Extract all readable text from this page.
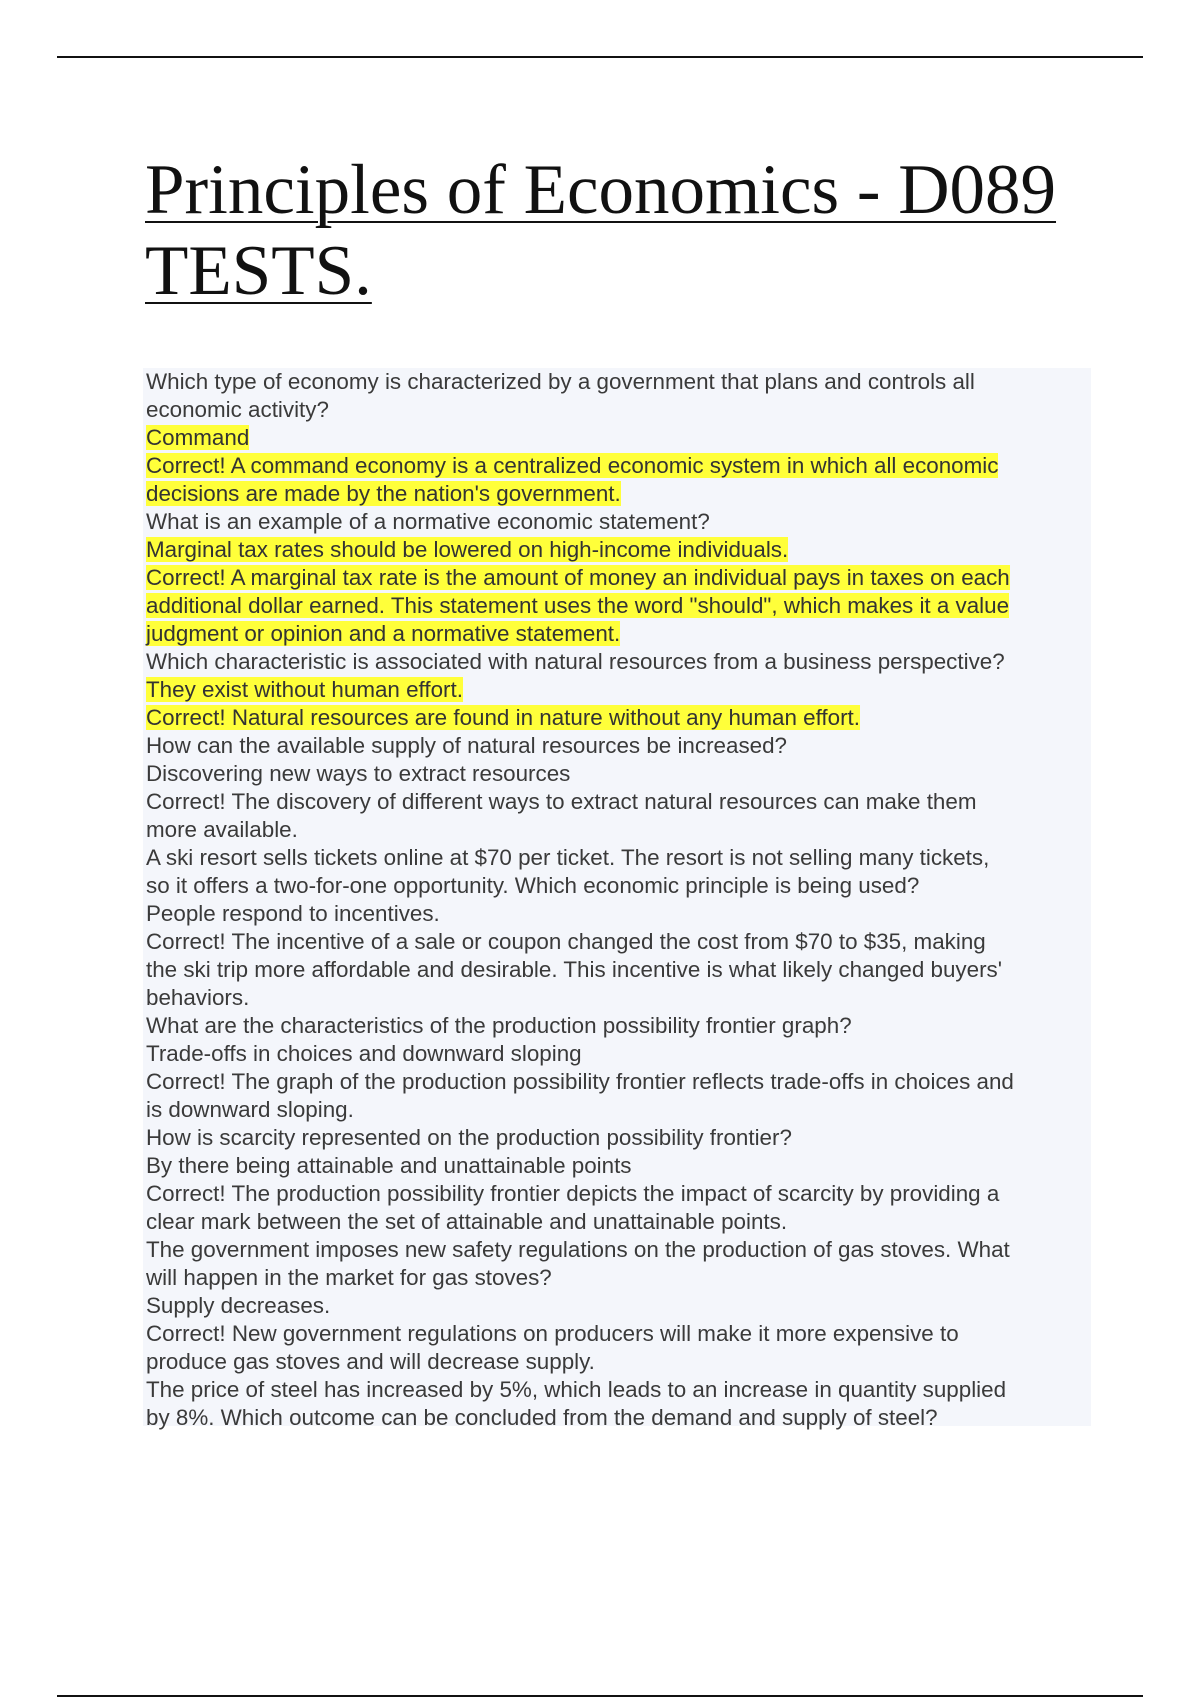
Principles of Economics - D089
TESTS.
Which type of economy is characterized by a government that plans and controls all
economic activity?
Command
Correct! A command economy is a centralized economic system in which all economic
decisions are made by the nation's government.
What is an example of a normative economic statement?
Marginal tax rates should be lowered on high-income individuals.
Correct! A marginal tax rate is the amount of money an individual pays in taxes on each
additional dollar earned. This statement uses the word "should", which makes it a value
judgment or opinion and a normative statement.
Which characteristic is associated with natural resources from a business perspective?
They exist without human effort.
Correct! Natural resources are found in nature without any human effort.
How can the available supply of natural resources be increased?
Discovering new ways to extract resources
Correct! The discovery of different ways to extract natural resources can make them
more available.
A ski resort sells tickets online at $70 per ticket. The resort is not selling many tickets,
so it offers a two-for-one opportunity. Which economic principle is being used?
People respond to incentives.
Correct! The incentive of a sale or coupon changed the cost from $70 to $35, making
the ski trip more affordable and desirable. This incentive is what likely changed buyers'
behaviors.
What are the characteristics of the production possibility frontier graph?
Trade-offs in choices and downward sloping
Correct! The graph of the production possibility frontier reflects trade-offs in choices and
is downward sloping.
How is scarcity represented on the production possibility frontier?
By there being attainable and unattainable points
Correct! The production possibility frontier depicts the impact of scarcity by providing a
clear mark between the set of attainable and unattainable points.
The government imposes new safety regulations on the production of gas stoves. What
will happen in the market for gas stoves?
Supply decreases.
Correct! New government regulations on producers will make it more expensive to
produce gas stoves and will decrease supply.
The price of steel has increased by 5%, which leads to an increase in quantity supplied
by 8%. Which outcome can be concluded from the demand and supply of steel?
